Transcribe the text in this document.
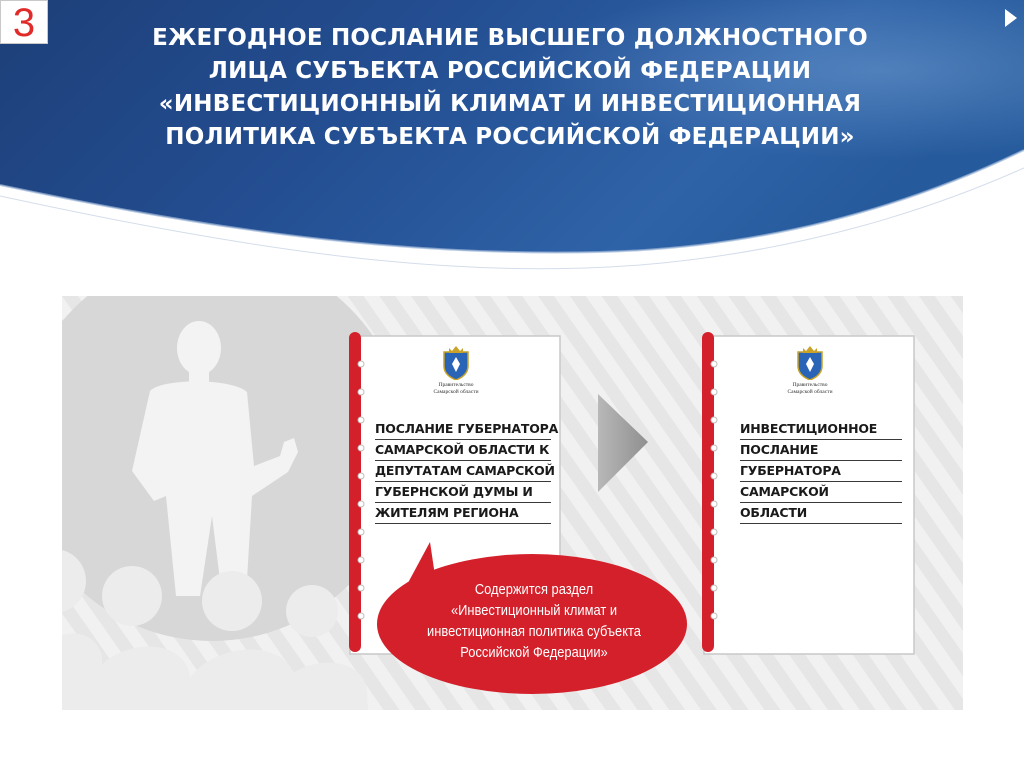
3	ЕЖЕГОДНОЕ ПОСЛАНИЕ ВЫСШЕГО ДОЛЖНОСТНОГО
ЛИЦА СУБЪЕКТА РОССИЙСКОЙ ФЕДЕРАЦИИ
«ИНВЕСТИЦИОННЫЙ КЛИМАТ И ИНВЕСТИЦИОННАЯ
ПОЛИТИКА СУБЪЕКТА РОССИЙСКОЙ ФЕДЕРАЦИИ»
Правительство
Самарской области
Правительство
Самарской области
ПОСЛАНИЕ ГУБЕРНАТОРА
САМАРСКОЙ ОБЛАСТИ К
ДЕПУТАТАМ САМАРСКОЙ
ГУБЕРНСКОЙ ДУМЫ И
ЖИТЕЛЯМ РЕГИОНА
ИНВЕСТИЦИОННОЕ
ПОСЛАНИЕ
ГУБЕРНАТОРА
САМАРСКОЙ
ОБЛАСТИ
Содержится раздел
«Инвестиционный климат и
инвестиционная политика субъекта
Российской Федерации»
